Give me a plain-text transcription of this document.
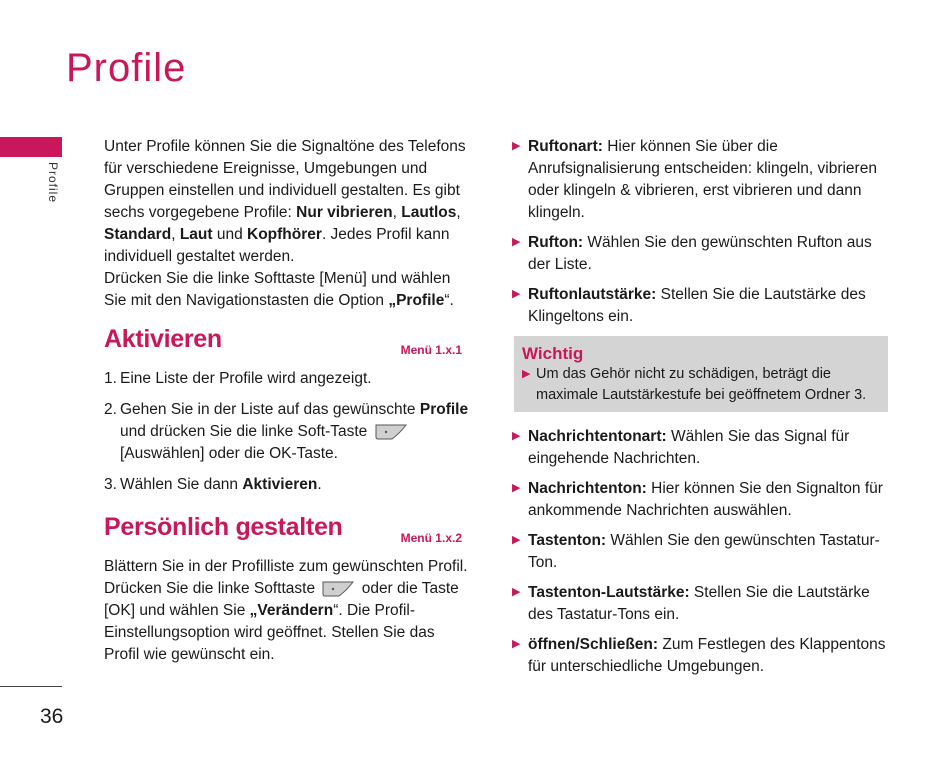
Profile
Profile
36

Unter Profile können Sie die Signaltöne des Telefons für verschiedene Ereignisse, Umgebungen und Gruppen einstellen und individuell gestalten. Es gibt sechs vorgegebene Profile: Nur vibrieren, Lautlos, Standard, Laut und Kopfhörer. Jedes Profil kann individuell gestaltet werden.

Drücken Sie die linke Softtaste [Menü] und wählen Sie mit den Navigationstasten die Option „Profile“.

Aktivieren	Menü 1.x.1
1. Eine Liste der Profile wird angezeigt.
2. Gehen Sie in der Liste auf das gewünschte Profile und drücken Sie die linke Soft-Taste  [Auswählen] oder die OK-Taste.
3. Wählen Sie dann Aktivieren.
Persönlich gestalten	Menü 1.x.2

Blättern Sie in der Profilliste zum gewünschten Profil. Drücken Sie die linke Softtaste  oder die Taste [OK] und wählen Sie „Verändern“. Die Profil-Einstellungsoption wird geöffnet. Stellen Sie das Profil wie gewünscht ein.

▶ Ruftonart: Hier können Sie über die Anrufsignalisierung entscheiden: klingeln, vibrieren oder klingeln & vibrieren, erst vibrieren und dann klingeln.
▶ Rufton: Wählen Sie den gewünschten Rufton aus der Liste.
▶ Ruftonlautstärke: Stellen Sie die Lautstärke des Klingeltons ein.
Wichtig
▶ Um das Gehör nicht zu schädigen, beträgt die maximale Lautstärkestufe bei geöffnetem Ordner 3.
▶ Nachrichtentonart: Wählen Sie das Signal für eingehende Nachrichten.
▶ Nachrichtenton: Hier können Sie den Signalton für ankommende Nachrichten auswählen.
▶ Tastenton: Wählen Sie den gewünschten Tastatur-Ton.
▶ Tastenton-Lautstärke: Stellen Sie die Lautstärke des Tastatur-Tons ein.
▶ öffnen/Schließen: Zum Festlegen des Klappentons für unterschiedliche Umgebungen.
